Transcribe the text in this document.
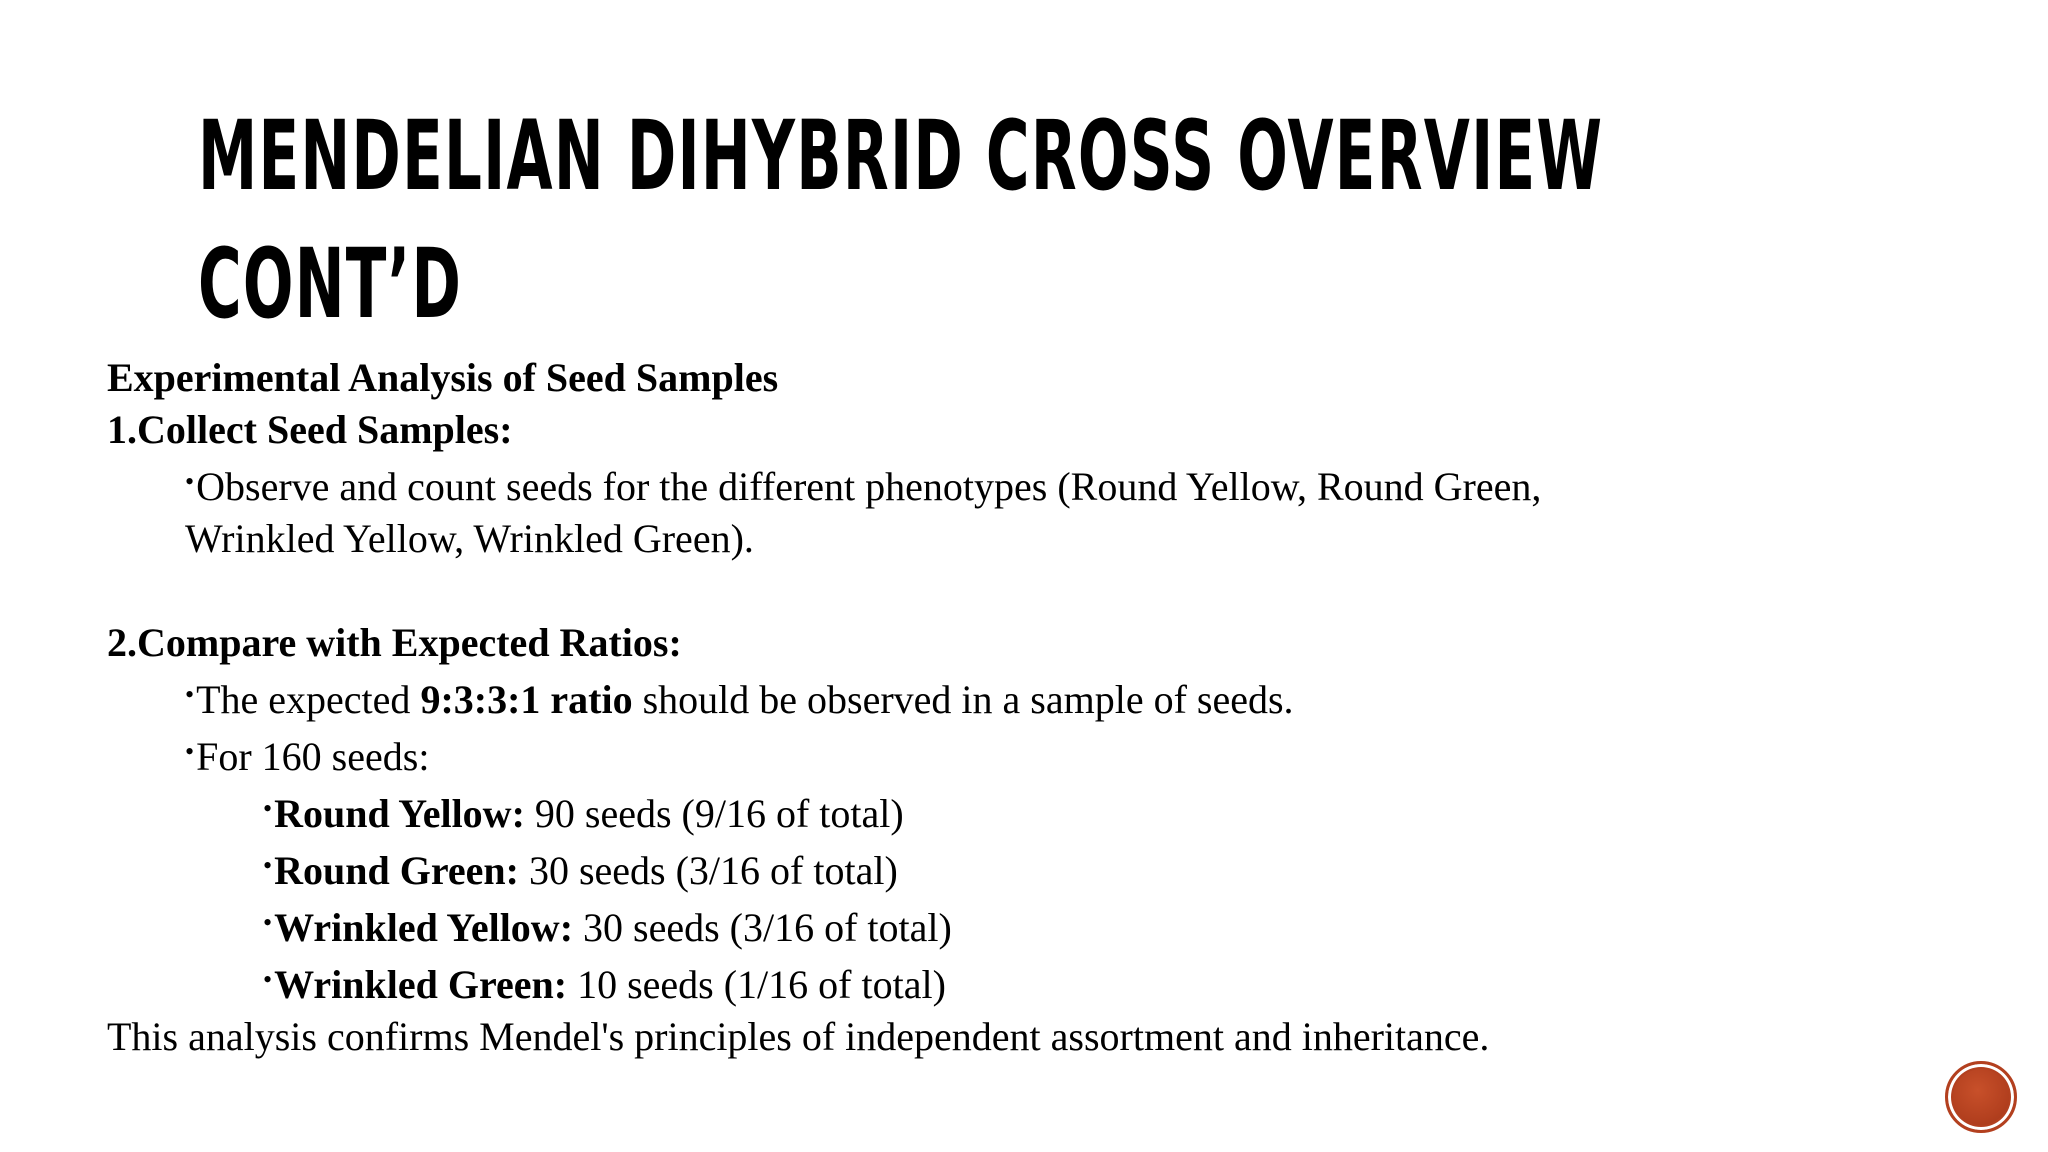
MENDELIAN DIHYBRID CROSS OVERVIEW
CONT’D
Experimental Analysis of Seed Samples
1.Collect Seed Samples:
•Observe and count seeds for the different phenotypes (Round Yellow, Round Green,
Wrinkled Yellow, Wrinkled Green).
2.Compare with Expected Ratios:
•The expected 9:3:3:1 ratio should be observed in a sample of seeds.
•For 160 seeds:
•Round Yellow: 90 seeds (9/16 of total)
•Round Green: 30 seeds (3/16 of total)
•Wrinkled Yellow: 30 seeds (3/16 of total)
•Wrinkled Green: 10 seeds (1/16 of total)
This analysis confirms Mendel's principles of independent assortment and inheritance.
